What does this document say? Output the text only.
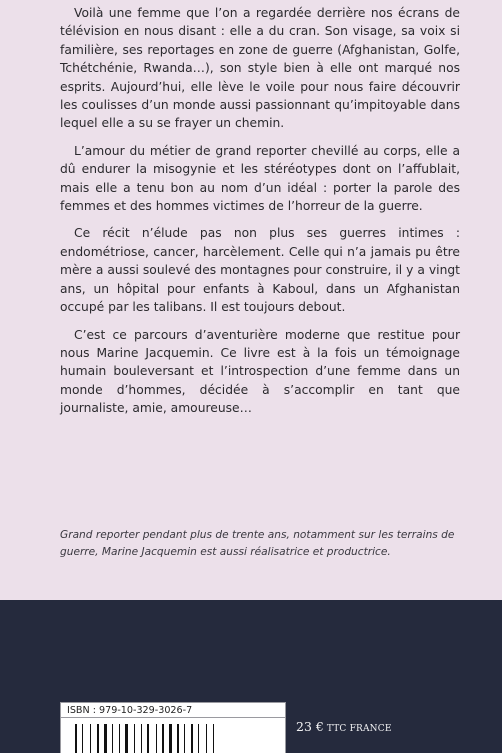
Voilà une femme que l’on a regardée derrière nos écrans de télévision en nous disant : elle a du cran. Son visage, sa voix si familière, ses reportages en zone de guerre (Afghanistan, Golfe, Tchétchénie, Rwanda…), son style bien à elle ont marqué nos esprits. Aujourd’hui, elle lève le voile pour nous faire découvrir les coulisses d’un monde aussi passionnant qu’impitoyable dans lequel elle a su se frayer un chemin.

L’amour du métier de grand reporter chevillé au corps, elle a dû endurer la misogynie et les stéréotypes dont on l’affublait, mais elle a tenu bon au nom d’un idéal : porter la parole des femmes et des hommes victimes de l’horreur de la guerre.

Ce récit n’élude pas non plus ses guerres intimes : endométriose, cancer, harcèlement. Celle qui n’a jamais pu être mère a aussi soulevé des montagnes pour construire, il y a vingt ans, un hôpital pour enfants à Kaboul, dans un Afghanistan occupé par les talibans. Il est toujours debout.

C’est ce parcours d’aventurière moderne que restitue pour nous Marine Jacquemin. Ce livre est à la fois un témoignage humain bouleversant et l’introspection d’une femme dans un monde d’hommes, décidée à s’accomplir en tant que journaliste, amie, amoureuse…

Grand reporter pendant plus de trente ans, notamment sur les terrains de guerre, Marine Jacquemin est aussi réalisatrice et productrice.

ISBN : 979-10-329-3026-7
23 € TTC FRANCE
